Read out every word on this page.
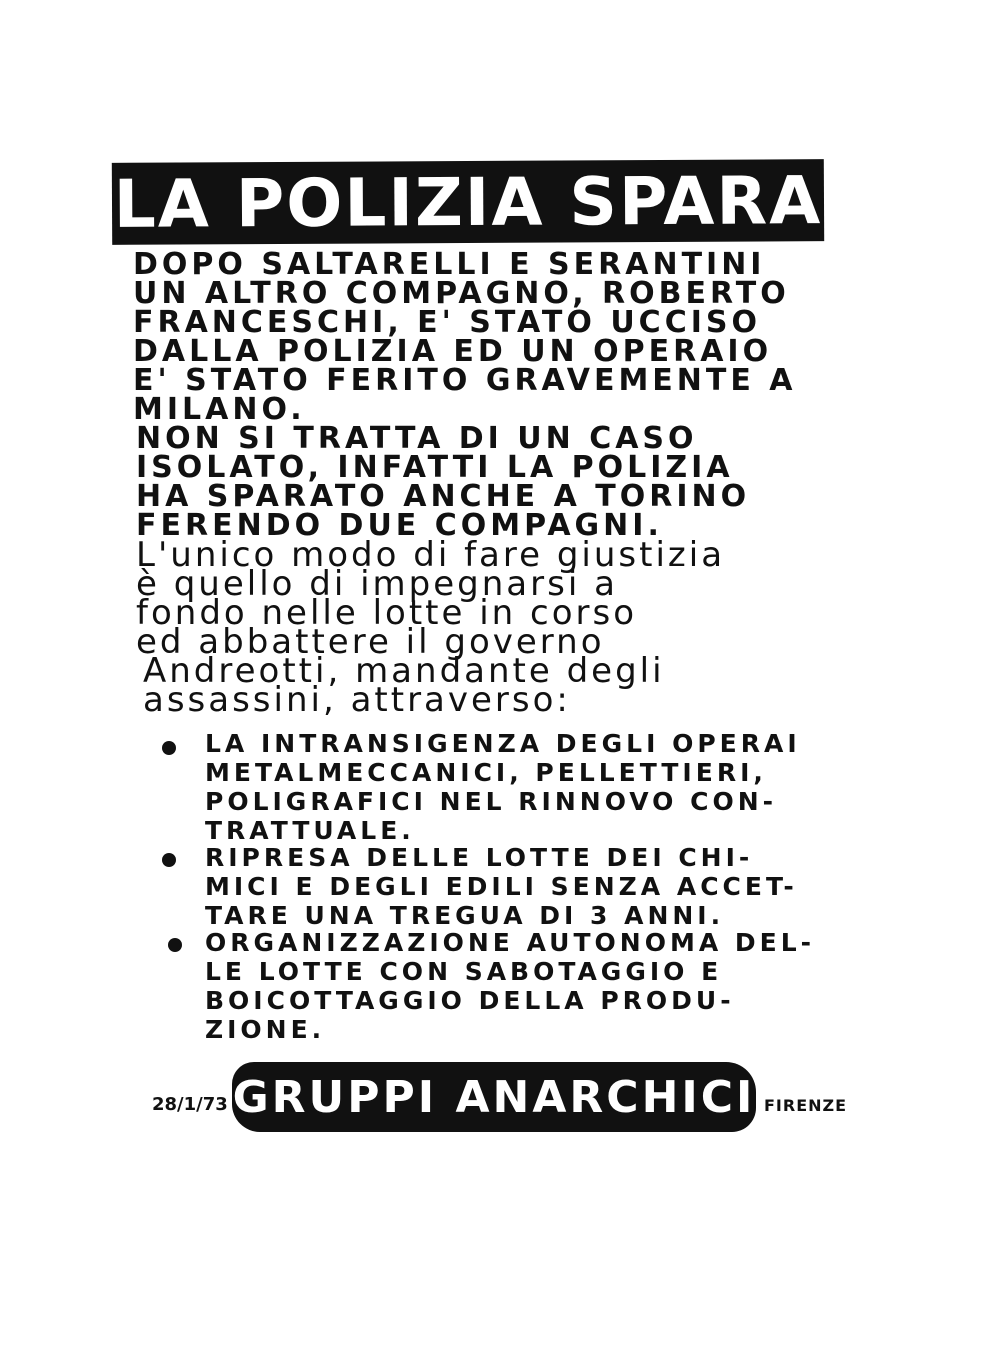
LA POLIZIA SPARA
DOPO SALTARELLI E SERANTINI
UN ALTRO COMPAGNO, ROBERTO
FRANCESCHI, E' STATO UCCISO
DALLA POLIZIA ED UN OPERAIO
E' STATO FERITO GRAVEMENTE A
MILANO.
NON SI TRATTA DI UN CASO
ISOLATO, INFATTI LA POLIZIA
HA SPARATO ANCHE A TORINO
FERENDO DUE COMPAGNI.
L'unico modo di fare giustizia
è quello di impegnarsi a
fondo nelle lotte in corso
ed abbattere il governo
Andreotti, mandante degli
assassini, attraverso:
LA INTRANSIGENZA DEGLI OPERAI
METALMECCANICI, PELLETTIERI,
POLIGRAFICI NEL RINNOVO CON-
TRATTUALE.
RIPRESA DELLE LOTTE DEI CHI-
MICI E DEGLI EDILI SENZA ACCET-
TARE UNA TREGUA DI 3 ANNI.
ORGANIZZAZIONE AUTONOMA DEL-
LE LOTTE CON SABOTAGGIO E
BOICOTTAGGIO DELLA PRODU-
ZIONE.
28/1/73 GRUPPI ANARCHICI FIRENZE
